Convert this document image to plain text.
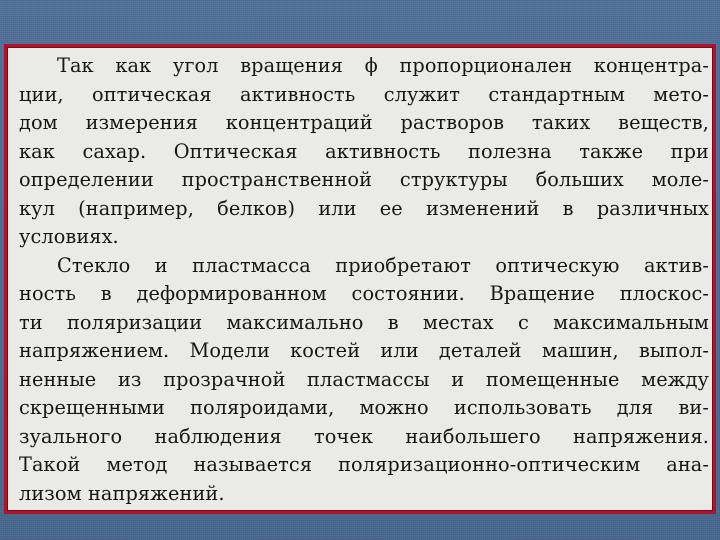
Так как угол вращения ϕ пропорционален концентра-
ции, оптическая активность служит стандартным мето-
дом измерения концентраций растворов таких веществ,
как сахар. Оптическая активность полезна также при
определении пространственной структуры больших моле-
кул (например, белков) или ее изменений в различных
условиях.
Стекло и пластмасса приобретают оптическую актив-
ность в деформированном состоянии. Вращение плоскос-
ти поляризации максимально в местах с максимальным
напряжением. Модели костей или деталей машин, выпол-
ненные из прозрачной пластмассы и помещенные между
скрещенными поляроидами, можно использовать для ви-
зуального наблюдения точек наибольшего напряжения.
Такой метод называется поляризационно-оптическим ана-
лизом напряжений.
